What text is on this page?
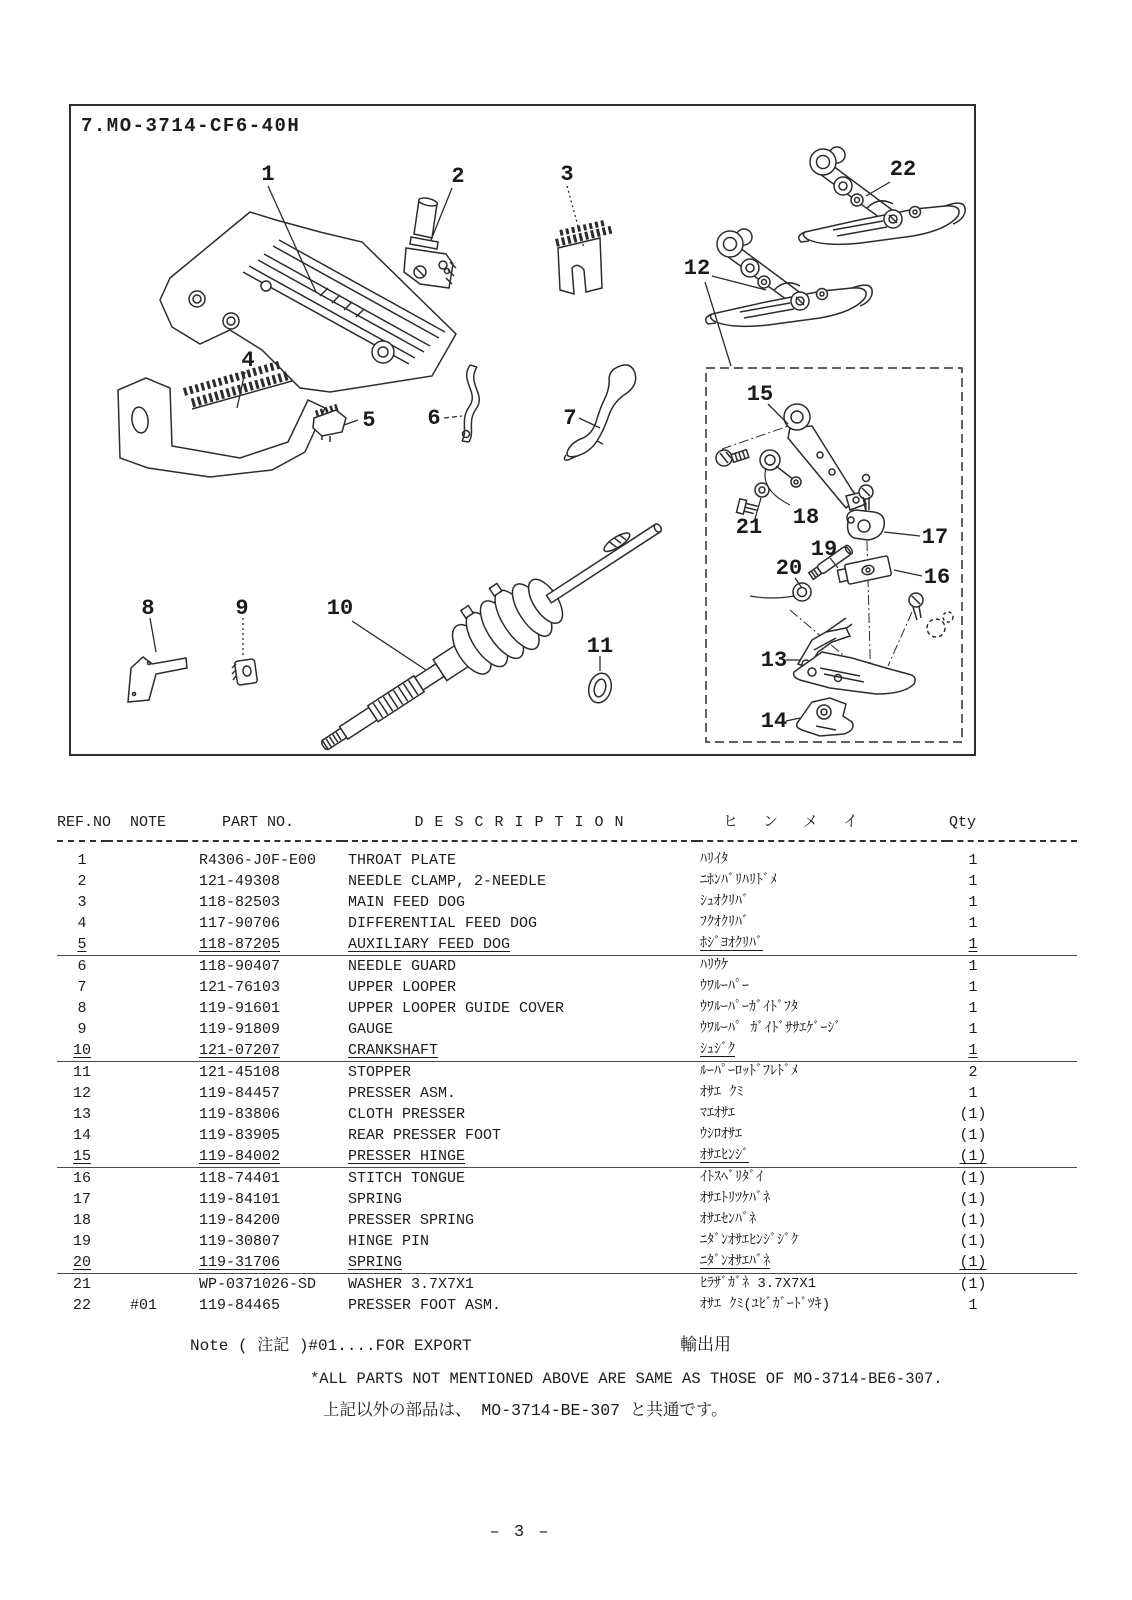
7.MO-3714-CF6-40H
1	2	3
4
5 6	7
8	9	10
11
12
13
14
15
16
17
18
19
20
21
22
REF.NO	NOTE	PART NO.	D E S C R I P T I O N	ヒ ン メ イ	Qty
1		R4306-J0F-E00	THROAT PLATE	ﾊﾘｲﾀ	1
2		121-49308	NEEDLE CLAMP, 2-NEEDLE	ﾆﾎﾝﾊﾞﾘﾊﾘﾄﾞﾒ	1
3		118-82503	MAIN FEED DOG	ｼｭｵｸﾘﾊﾞ	1
4		117-90706	DIFFERENTIAL FEED DOG	ﾌｸｵｸﾘﾊﾞ	1
5		118-87205	AUXILIARY FEED DOG	ﾎｼﾞﾖｵｸﾘﾊﾞ	1
6		118-90407	NEEDLE GUARD	ﾊﾘｳｹ	1
7		121-76103	UPPER LOOPER	ｳﾜﾙｰﾊﾟｰ	1
8		119-91601	UPPER LOOPER GUIDE COVER	ｳﾜﾙｰﾊﾟｰｶﾞｲﾄﾞﾌﾀ	1
9		119-91809	GAUGE	ｳﾜﾙｰﾊﾟ ｶﾞｲﾄﾞｻｻｴｹﾞｰｼﾞ	1
10		121-07207	CRANKSHAFT	ｼｭｼﾞｸ	1
11		121-45108	STOPPER	ﾙｰﾊﾟｰﾛｯﾄﾞﾌﾚﾄﾞﾒ	2
12		119-84457	PRESSER ASM.	ｵｻｴ ｸﾐ	1
13		119-83806	CLOTH PRESSER	ﾏｴｵｻｴ	(1)
14		119-83905	REAR PRESSER FOOT	ｳｼﾛｵｻｴ	(1)
15		119-84002	PRESSER HINGE	ｵｻｴﾋﾝｼﾞ	(1)
16		118-74401	STITCH TONGUE	ｲﾄｽﾍﾞﾘﾀﾞｲ	(1)
17		119-84101	SPRING	ｵｻｴﾄﾘﾂｹﾊﾞﾈ	(1)
18		119-84200	PRESSER SPRING	ｵｻｴｾﾝﾊﾞﾈ	(1)
19		119-30807	HINGE PIN	ﾆﾀﾞﾝｵｻｴﾋﾝｼﾞｼﾞｸ	(1)
20		119-31706	SPRING	ﾆﾀﾞﾝｵｻｴﾊﾞﾈ	(1)
21		WP-0371026-SD	WASHER 3.7X7X1	ﾋﾗｻﾞｶﾞﾈ 3.7X7X1	(1)
22	#01	119-84465	PRESSER FOOT ASM.	ｵｻｴ ｸﾐ(ﾕﾋﾞｶﾞｰﾄﾞﾂｷ)	1
Note ( 注記 )#01....FOR EXPORT	輸出用
*ALL PARTS NOT MENTIONED ABOVE ARE SAME AS THOSE OF MO-3714-BE6-307.
上記以外の部品は、 MO-3714-BE-307 と共通です。
– 3 –
